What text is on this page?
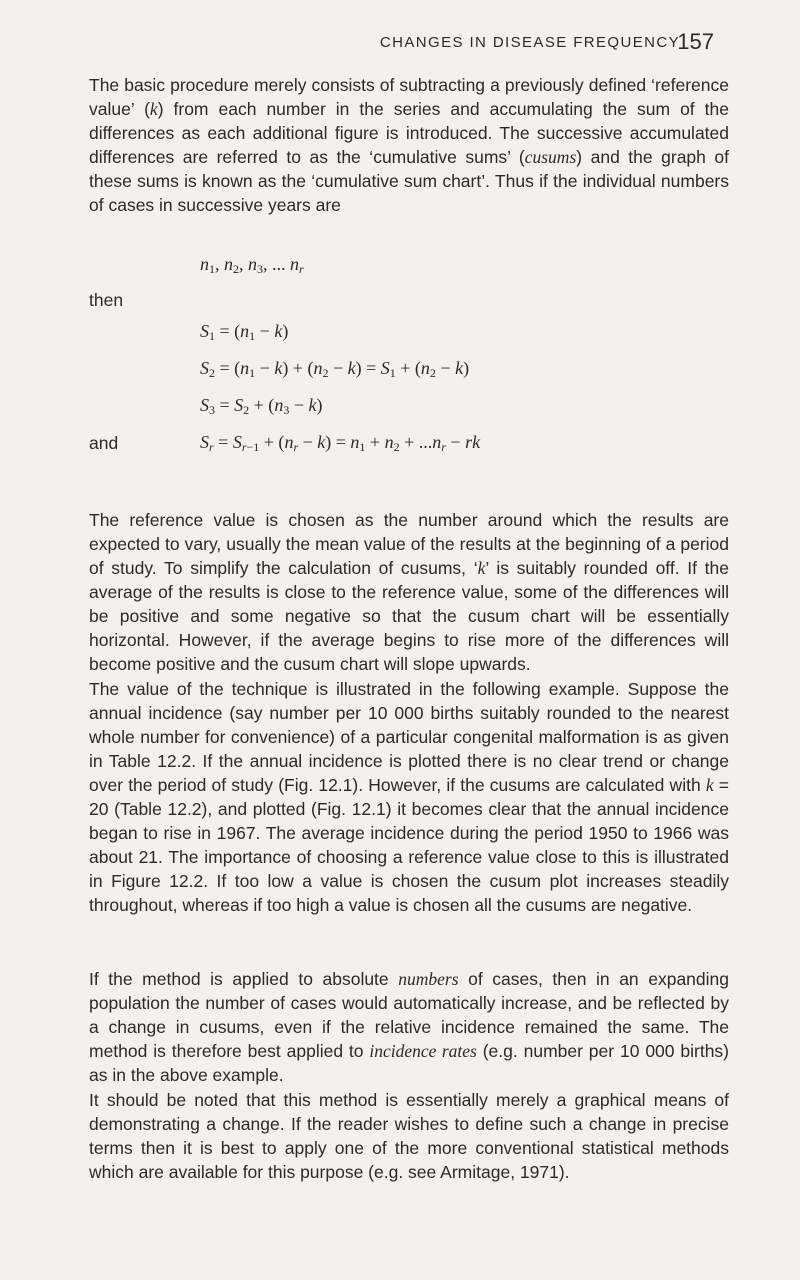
CHANGES IN DISEASE FREQUENCY
157

The basic procedure merely consists of subtracting a previously defined ‘reference value’ (k) from each number in the series and accumulating the sum of the differences as each additional figure is introduced. The successive accumulated differences are referred to as the ‘cumulative sums’ (cusums) and the graph of these sums is known as the ‘cumulative sum chart’. Thus if the individual numbers of cases in successive years are

$n_1$, $n_2$, $n_3$, ... $n_r$
then
$S_1 = (n_1 - k)$
$S_2 = (n_1 - k) + (n_2 - k) = S_1 + (n_2 - k)$
$S_3 = S_2 + (n_3 - k)$
and	$S_r = S_{r-1} + (n_r - k) = n_1 + n_2 + ...n_r$ − rk

The reference value is chosen as the number around which the results are expected to vary, usually the mean value of the results at the beginning of a period of study. To simplify the calculation of cusums, ‘k’ is suitably rounded off. If the average of the results is close to the reference value, some of the differences will be positive and some negative so that the cusum chart will be essentially horizontal. However, if the average begins to rise more of the differences will become positive and the cusum chart will slope upwards.

The value of the technique is illustrated in the following example. Suppose the annual incidence (say number per 10 000 births suitably rounded to the nearest whole number for convenience) of a particular congenital malformation is as given in Table 12.2. If the annual incidence is plotted there is no clear trend or change over the period of study (Fig. 12.1). However, if the cusums are calculated with k = 20 (Table 12.2), and plotted (Fig. 12.1) it becomes clear that the annual incidence began to rise in 1967. The average incidence during the period 1950 to 1966 was about 21. The importance of choosing a reference value close to this is illustrated in Figure 12.2. If too low a value is chosen the cusum plot increases steadily throughout, whereas if too high a value is chosen all the cusums are negative.

If the method is applied to absolute numbers of cases, then in an expanding population the number of cases would automatically increase, and be reflected by a change in cusums, even if the relative incidence remained the same. The method is therefore best applied to incidence rates (e.g. number per 10 000 births) as in the above example.

It should be noted that this method is essentially merely a graphical means of demonstrating a change. If the reader wishes to define such a change in precise terms then it is best to apply one of the more conventional statistical methods which are available for this purpose (e.g. see Armitage, 1971).
